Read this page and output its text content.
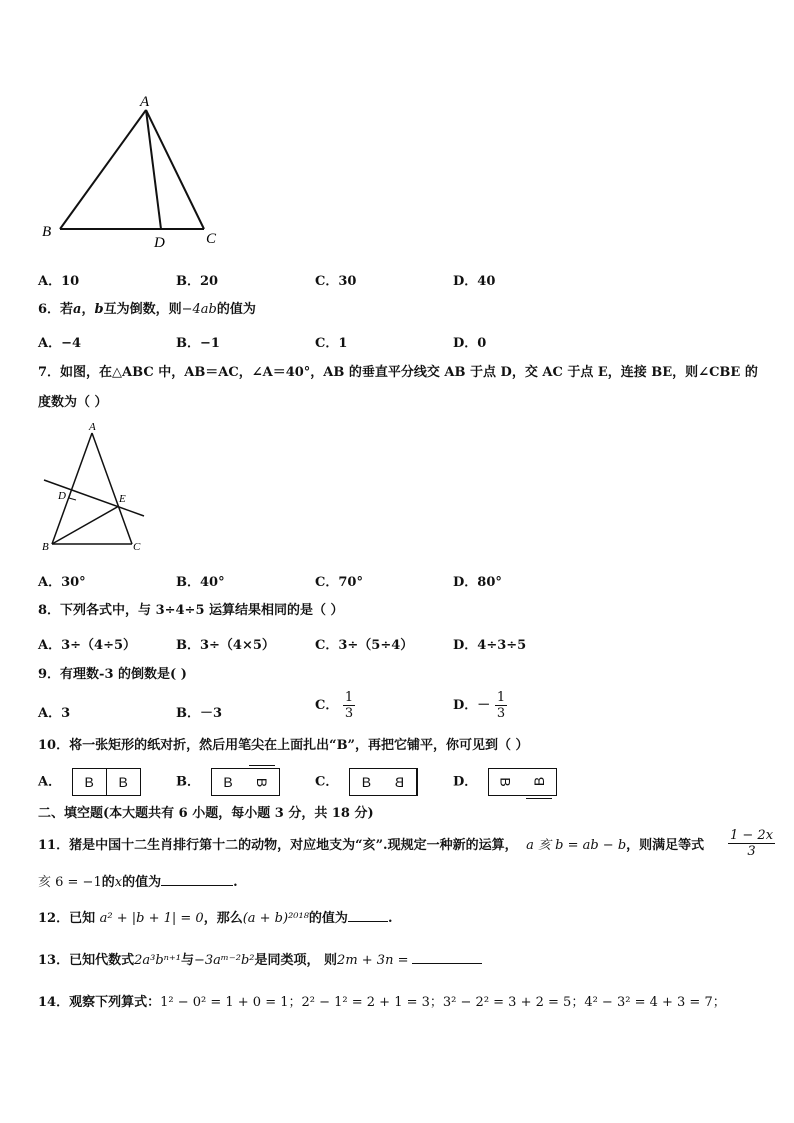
A
B
D	C
A．10	B．20	C．30	D．40
6．若a，b互为倒数，则−4ab的值为
A．−4	B．−1	C．1	D．0
7．如图，在△ABC 中，AB＝AC，∠A＝40°，AB 的垂直平分线交 AB 于点 D，交 AC 于点 E，连接 BE，则∠CBE 的
度数为（ ）
A
D	E
B	C
A．30°	B．40°	C．70°	D．80°
8．下列各式中，与 3÷4÷5 运算结果相同的是（ ）
A．3÷（4÷5）	B．3÷（4×5）	C．3÷（5÷4）	D．4÷3÷5
9．有理数-3 的倒数是( )
A．3	B．－3
C． $\frac{1}{3}$	D．－ $\frac{1}{3}$
10．将一张矩形的纸对折，然后用笔尖在上面扎出“B”，再把它铺平，你可见到（ ）
A．	B	B	B．	B	B	C．	B	B	D．	B	B
二、填空题(本大题共有 6 小题，每小题 3 分，共 18 分)
11．猪是中国十二生肖排行第十二的动物，对应地支为“亥”.现规定一种新的运算， a 亥 b = ab − b，则满足等式 $\frac{1 - 2x}{3}$
亥 6 = −1的x的值为	.
12．已知 a² + |b + 1| = 0，那么(a + b)²⁰¹⁸的值为	.
13．已知代数式2a³bⁿ⁺¹与−3aᵐ⁻²b²是同类项， 则2m + 3n =
14．观察下列算式：1² − 0² = 1 + 0 = 1；2² − 1² = 2 + 1 = 3；3² − 2² = 3 + 2 = 5；4² − 3² = 4 + 3 = 7；
